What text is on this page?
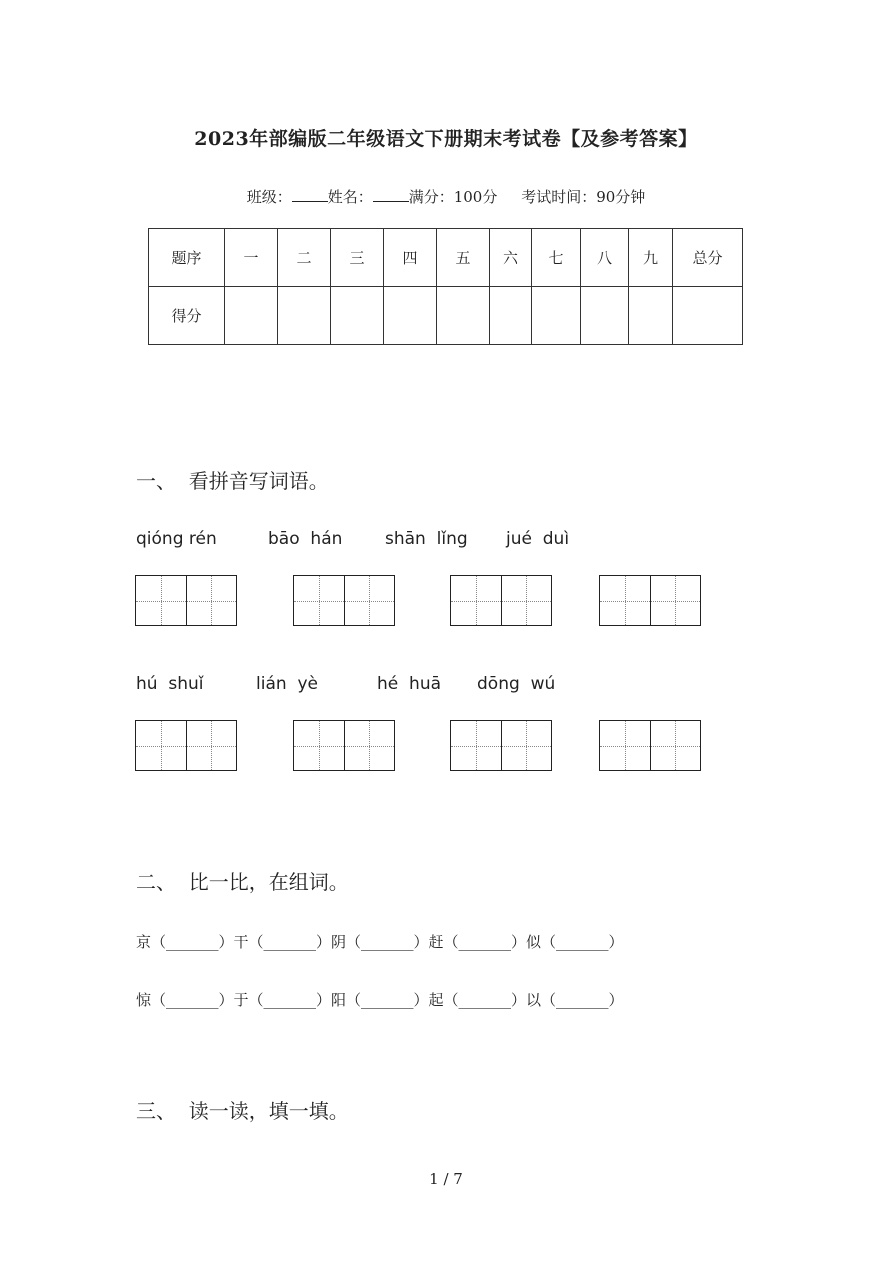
2023年部编版二年级语文下册期末考试卷【及参考答案】
班级： 姓名： 满分：100分 考试时间：90分钟
题序	一	二	三	四	五	六	七	八	九	总分
得分										
一、  看拼音写词语。
qióng rén	bāo  hán	shān  lǐng jué  duì
hú  shuǐ	lián  yè	hé  huā dōng  wú
二、  比一比，在组词。
京（_______）干（_______）阴（_______）赶（_______）似（_______）
惊（_______）于（_______）阳（_______）起（_______）以（_______）
三、  读一读，填一填。
1 / 7
